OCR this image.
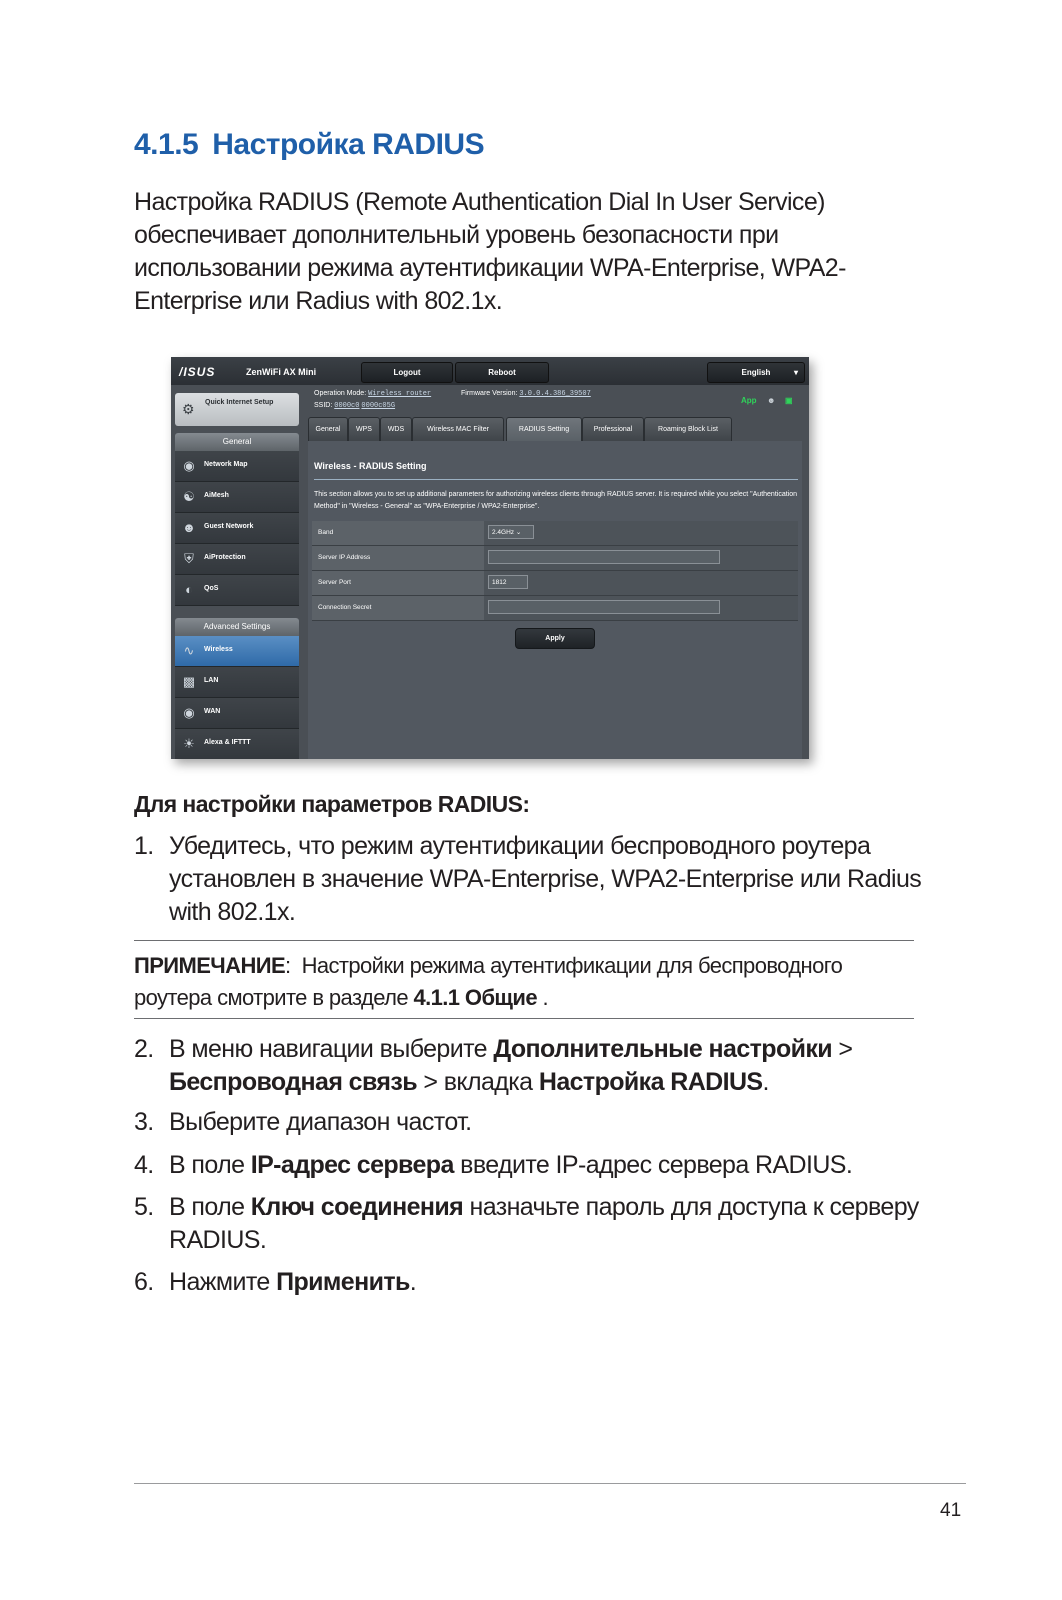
4.1.5 Настройка RADIUS
Настройка RADIUS (Remote Authentication Dial In User Service) обеспечивает дополнительный уровень безопасности при использовании режима аутентификации WPA-Enterprise, WPA2-Enterprise или Radius with 802.1x.
/ISUS	ZenWiFi AX Mini	Logout	Reboot	English	▾
Operation Mode: Wireless router	Firmware Version: 3.0.0.4.386_39507
SSID: 0000c0 0000c05G
App ☻ ▣
⚙ Quick Internet Setup
General
◉	Network Map
☯	AiMesh
☻ Guest Network
⛨	AiProtection
◐	QoS
Advanced Settings
∿	Wireless
▩ LAN
◉	WAN
☀	Alexa & IFTTT
General	WPS	WDS	Wireless MAC Filter	RADIUS Setting	Professional	Roaming Block List
Wireless - RADIUS Setting
This section allows you to set up additional parameters for authorizing wireless clients through RADIUS server. It is required while you select "Authentication Method" in "Wireless - General" as "WPA-Enterprise / WPA2-Enterprise".
Band	2.4GHz ⌄
Server IP Address
Server Port	1812
Connection Secret
Apply
Для настройки параметров RADIUS:
1. Убедитесь, что режим аутентификации беспроводного роутера установлен в значение WPA-Enterprise, WPA2-Enterprise или Radius with 802.1x.
ПРИМЕЧАНИЕ:  Настройки режима аутентификации для беспроводного роутера смотрите в разделе 4.1.1 Общие .
2. В меню навигации выберите Дополнительные настройки > Беспроводная связь > вкладка Настройка RADIUS.
3. Выберите диапазон частот.
4. В поле IP-адрес сервера введите IP-адрес сервера RADIUS.
5. В поле Ключ соединения назначьте пароль для доступа к серверу RADIUS.
6. Нажмите Применить.
41
